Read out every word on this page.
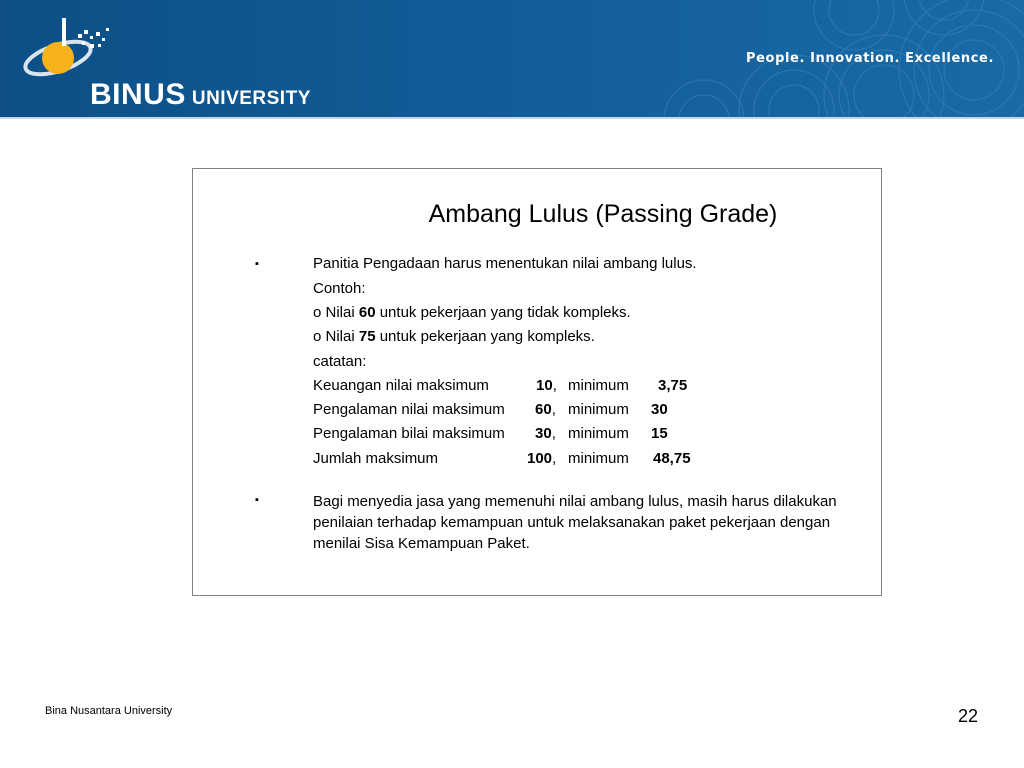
BINUS UNIVERSITY
People. Innovation. Excellence.
Ambang Lulus (Passing Grade)
▪	Panitia Pengadaan harus menentukan nilai ambang lulus.
Contoh:
o Nilai 60 untuk pekerjaan yang tidak kompleks.
o Nilai 75 untuk pekerjaan yang kompleks.
catatan:
Keuangan nilai maksimum	10, minimum 3,75
Pengalaman nilai maksimum 60, minimum 30
Pengalaman bilai maksimum 30, minimum 15
Jumlah maksimum	100, minimum 48,75
▪	Bagi menyedia jasa yang memenuhi nilai ambang lulus, masih harus dilakukan penilaian terhadap kemampuan untuk melaksanakan paket pekerjaan dengan menilai Sisa Kemampuan Paket.
Bina Nusantara University	22
